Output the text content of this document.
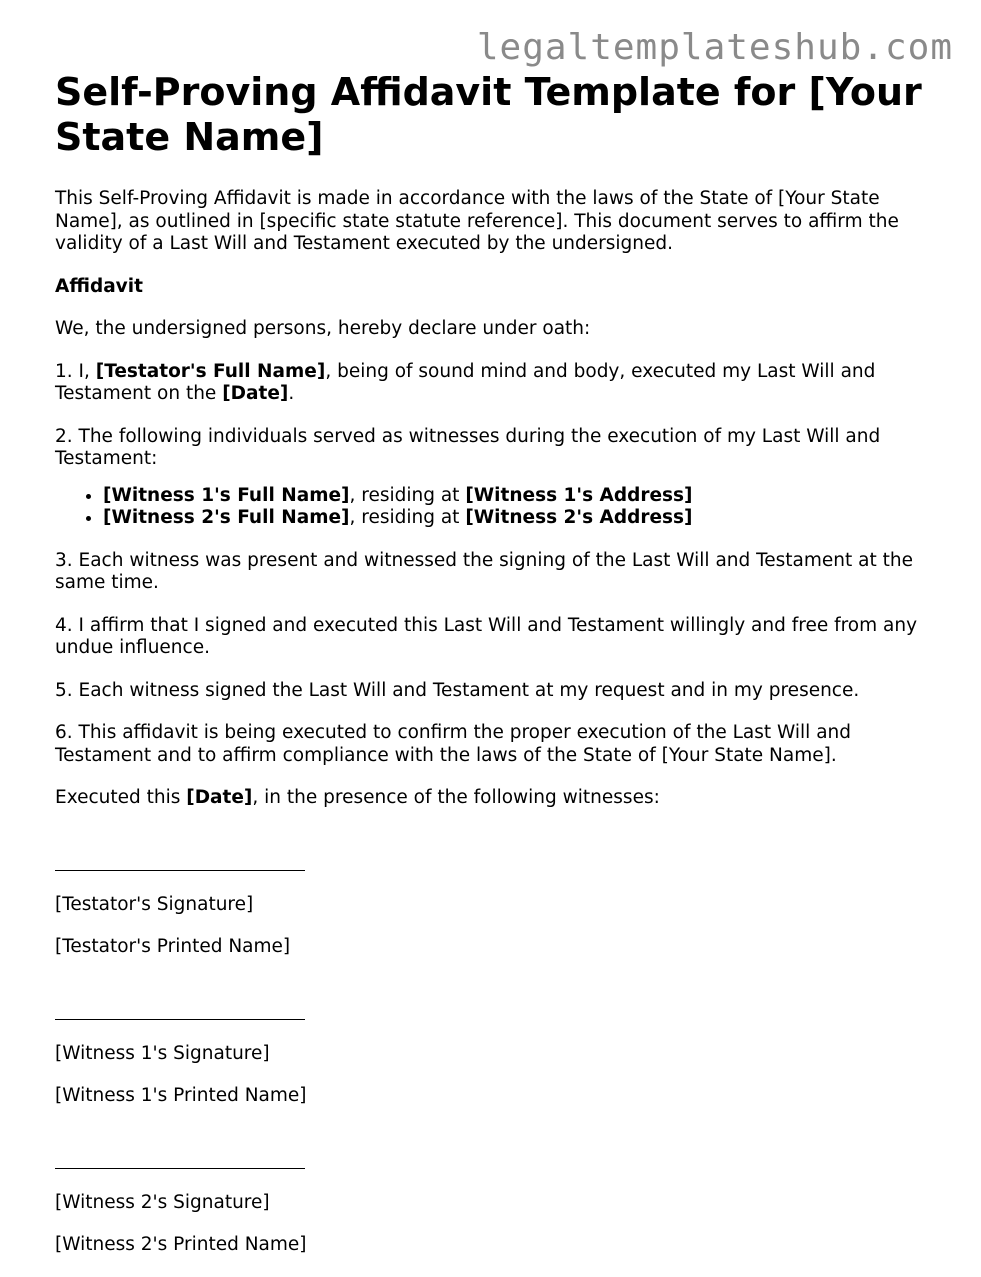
legaltemplateshub.com
Self-Proving Affidavit Template for [Your State Name]

This Self-Proving Affidavit is made in accordance with the laws of the State of [Your State Name], as outlined in [specific state statute reference]. This document serves to affirm the validity of a Last Will and Testament executed by the undersigned.

Affidavit

We, the undersigned persons, hereby declare under oath:

1. I, [Testator's Full Name], being of sound mind and body, executed my Last Will and Testament on the [Date].

2. The following individuals served as witnesses during the execution of my Last Will and Testament:

• [Witness 1's Full Name], residing at [Witness 1's Address]
• [Witness 2's Full Name], residing at [Witness 2's Address]

3. Each witness was present and witnessed the signing of the Last Will and Testament at the same time.

4. I affirm that I signed and executed this Last Will and Testament willingly and free from any undue influence.

5. Each witness signed the Last Will and Testament at my request and in my presence.

6. This affidavit is being executed to confirm the proper execution of the Last Will and Testament and to affirm compliance with the laws of the State of [Your State Name].

Executed this [Date], in the presence of the following witnesses:

[Testator's Signature]

[Testator's Printed Name]

[Witness 1's Signature]

[Witness 1's Printed Name]

[Witness 2's Signature]

[Witness 2's Printed Name]
